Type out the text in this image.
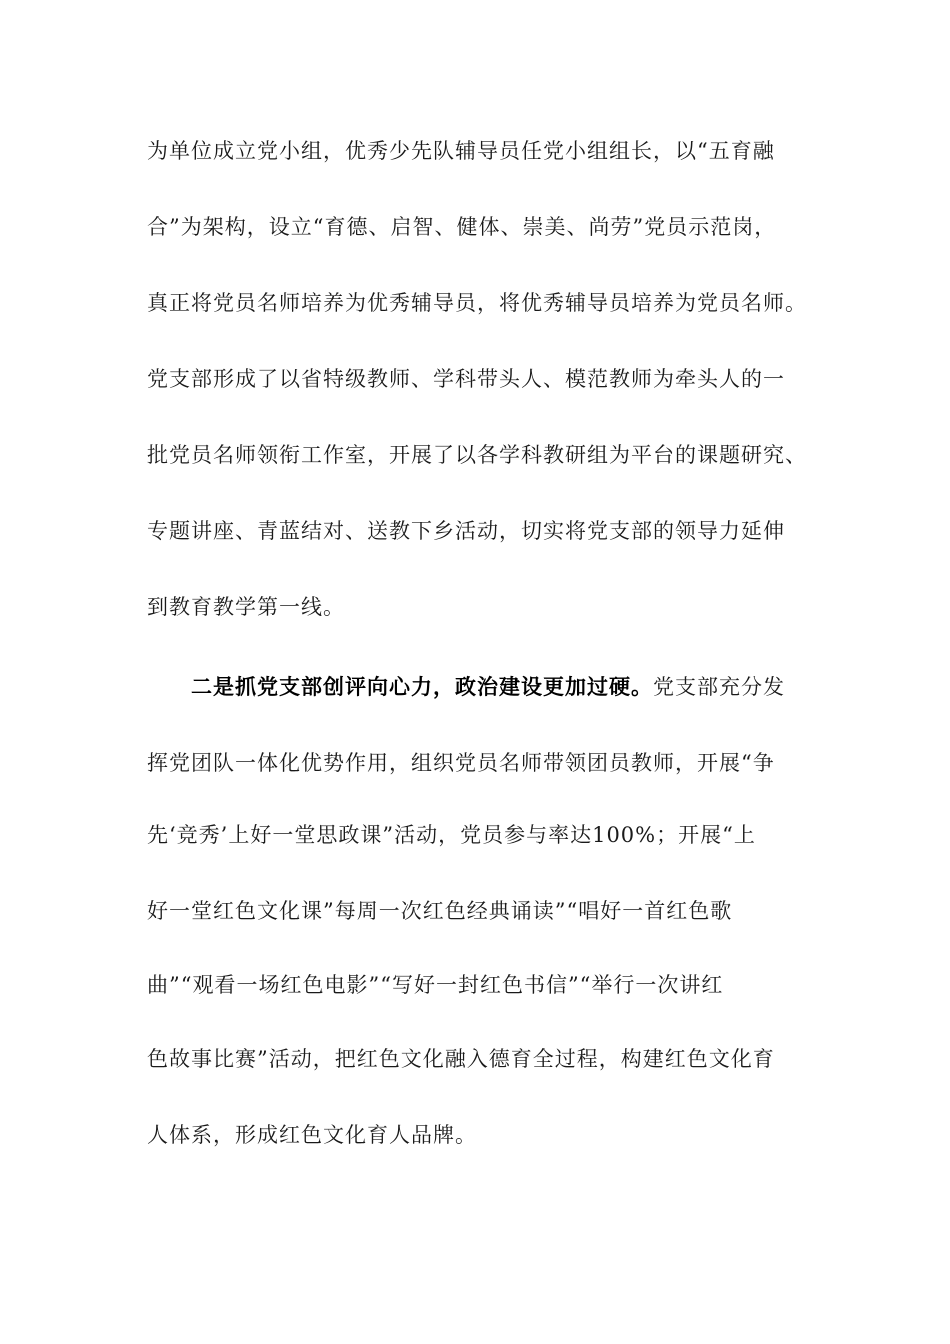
为单位成立党小组，优秀少先队辅导员任党小组组长，以“五育融
合”为架构，设立“育德、启智、健体、崇美、尚劳”党员示范岗，
真正将党员名师培养为优秀辅导员，将优秀辅导员培养为党员名师。
党支部形成了以省特级教师、学科带头人、模范教师为牵头人的一
批党员名师领衔工作室，开展了以各学科教研组为平台的课题研究、
专题讲座、青蓝结对、送教下乡活动，切实将党支部的领导力延伸
到教育教学第一线。
二是抓党支部创评向心力，政治建设更加过硬。党支部充分发
挥党团队一体化优势作用，组织党员名师带领团员教师，开展“争
先‘竞秀’上好一堂思政课”活动，党员参与率达100%；开展“上
好一堂红色文化课”每周一次红色经典诵读”“唱好一首红色歌
曲”“观看一场红色电影”“写好一封红色书信”“举行一次讲红
色故事比赛”活动，把红色文化融入德育全过程，构建红色文化育
人体系，形成红色文化育人品牌。
